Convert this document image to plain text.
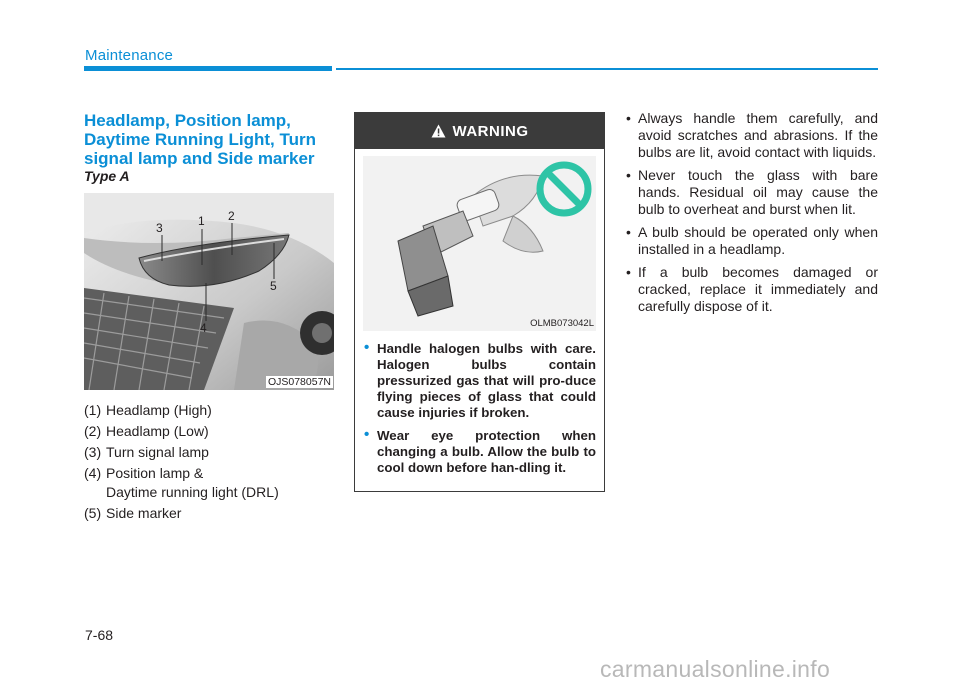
Maintenance
Headlamp, Position lamp, Daytime Running Light, Turn signal lamp and Side marker
Type A
1 2
3
4
5
OJS078057N
(1) Headlamp (High)
(2) Headlamp (Low)
(3) Turn signal lamp
(4) Position lamp &
Daytime running light (DRL)
(5) Side marker
WARNING
OLMB073042L
• Handle halogen bulbs with care. Halogen bulbs contain pressurized gas that will pro-duce flying pieces of glass that could cause injuries if broken.
• Wear eye protection when changing a bulb. Allow the bulb to cool down before han-dling it.
• Always handle them carefully, and avoid scratches and abrasions. If the bulbs are lit, avoid contact with liquids.
• Never touch the glass with bare hands. Residual oil may cause the bulb to overheat and burst when lit.
• A bulb should be operated only when installed in a headlamp.
• If a bulb becomes damaged or cracked, replace it immediately and carefully dispose of it.
7-68
carmanualsonline.info
